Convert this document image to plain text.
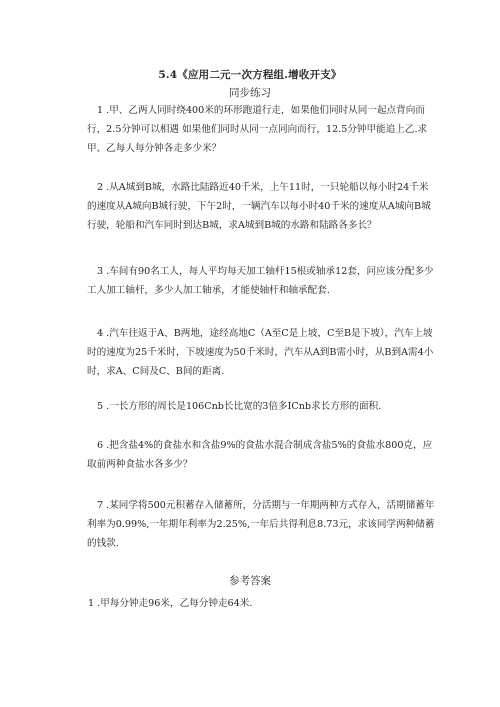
5.4《应用二元一次方程组.增收开支》
同步练习

1 .甲、乙两人同时绕400米的环形跑道行走，如果他们同时从同一起点背向而行，2.5分钟可以相遇 如果他们同时从同一点同向而行，12.5分钟甲能追上乙.求甲、乙每人每分钟各走多少米？

2 .从A城到B城，水路比陆路近40千米，上午11时，一只轮船以每小时24千米的速度从A城向B城行驶，下午2时，一辆汽车以每小时40千米的速度从A城向B城行驶，轮船和汽车同时到达B城，求A城到B城的水路和陆路各多长？

3 .车间有90名工人，每人平均每天加工轴杆15根或轴承12套，问应该分配多少工人加工轴杆，多少人加工轴承，才能使轴杆和轴承配套.

4 .汽车往返于A、B两地，途经高地C（A至C是上坡，C至B是下坡），汽车上坡时的速度为25千米时，下坡速度为50千米时，汽车从A到B需小时，从B到A需4小时，求A、C间及C、B间的距离.

5 .一长方形的周长是106Cnb长比宽的3倍多ICnb求长方形的面积.

6 .把含盐4%的食盐水和含盐9%的食盐水混合制成含盐5%的食盐水800克，应取前两种食盐水各多少？

7 .某同学将500元积蓄存入储蓄所，分活期与一年期两种方式存入，活期储蓄年利率为0.99%,一年期年利率为2.25%,一年后共得利息8.73元，求该同学两种储蓄的钱款.

参考答案
1 .甲每分钟走96米，乙每分钟走64米.
